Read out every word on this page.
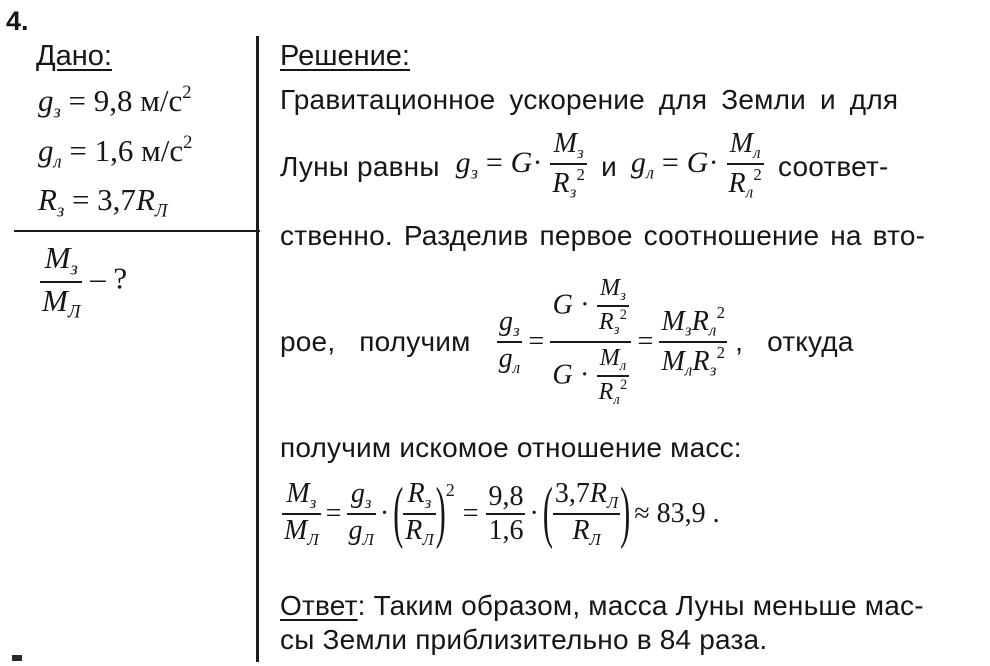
4.
Дано:
$g_з = 9,8$ $м/с^2$
$g_л = 1,6$ $м/с^2$
$R_з = 3,7R_Л$
$\frac{M_з}{M_Л}$ – ?
Решение:
Гравитационное ускорение для Земли и для
Луны равны $g_з = G\cdot \frac{M_з}{R_з^2}$ и $g_л = G\cdot \frac{M_л}{R_л^2}$ соответ-
ственно. Разделив первое соотношение на вто-
рое,   получим $\frac{g_з}{g_л} = \frac{G \cdot \frac{M_з}{R_з^2}}{G \cdot \frac{M_л}{R_л^2}} = \frac{M_зR_л^2}{M_лR_з^2}$ ,   откуда
получим искомое отношение масс:
$\frac{M_з}{M_Л} = \frac{g_з}{g_Л}$ · ( $\frac{R_з}{R_Л}$ ) 2
= $\frac{9,8}{1,6}$ · ( $\frac{3,7R_Л}{R_Л}$ ) ≈ 83,9 .
Ответ: Таким образом, масса Луны меньше мас-
сы Земли приблизительно в 84 раза.
